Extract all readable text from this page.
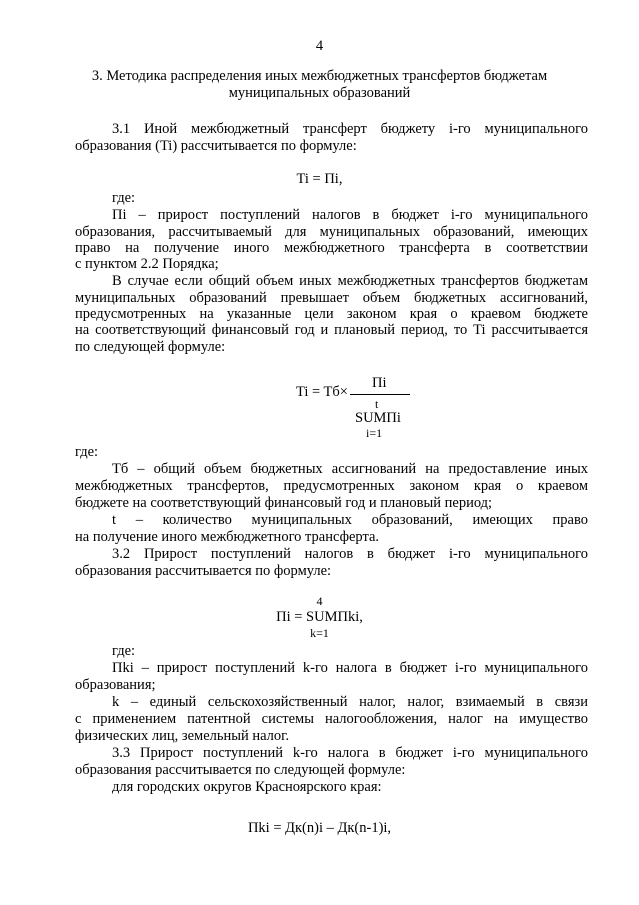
4
3. Методика распределения иных межбюджетных трансфертов бюджетам
муниципальных образований
3.1 Иной межбюджетный трансферт бюджету i-го муниципального
образования (Ti) рассчитывается по формуле:
Ti = Пi,
где:
Пi – прирост поступлений налогов в бюджет i-го муниципального
образования, рассчитываемый для муниципальных образований, имеющих
право на получение иного межбюджетного трансферта в соответствии
с пунктом 2.2 Порядка;
В случае если общий объем иных межбюджетных трансфертов бюджетам
муниципальных образований превышает объем бюджетных ассигнований,
предусмотренных на указанные цели законом края о краевом бюджете
на соответствующий финансовый год и плановый период, то Ti рассчитывается
по следующей формуле:
Ti = Tб×
Пi
t
SUMПi
i=1
где:
Тб – общий объем бюджетных ассигнований на предоставление иных
межбюджетных трансфертов, предусмотренных законом края о краевом
бюджете на соответствующий финансовый год и плановый период;
t – количество муниципальных образований, имеющих право
на получение иного межбюджетного трансферта.
3.2 Прирост поступлений налогов в бюджет i-го муниципального
образования рассчитывается по формуле:
4
Пi = SUMПki,
k=1
где:
Пki – прирост поступлений k-го налога в бюджет i-го муниципального
образования;
k – единый сельскохозяйственный налог, налог, взимаемый в связи
с применением патентной системы налогообложения, налог на имущество
физических лиц, земельный налог.
3.3 Прирост поступлений k-го налога в бюджет i-го муниципального
образования рассчитывается по следующей формуле:
для городских округов Красноярского края:
Пki = Дк(n)i – Дк(n-1)i,
